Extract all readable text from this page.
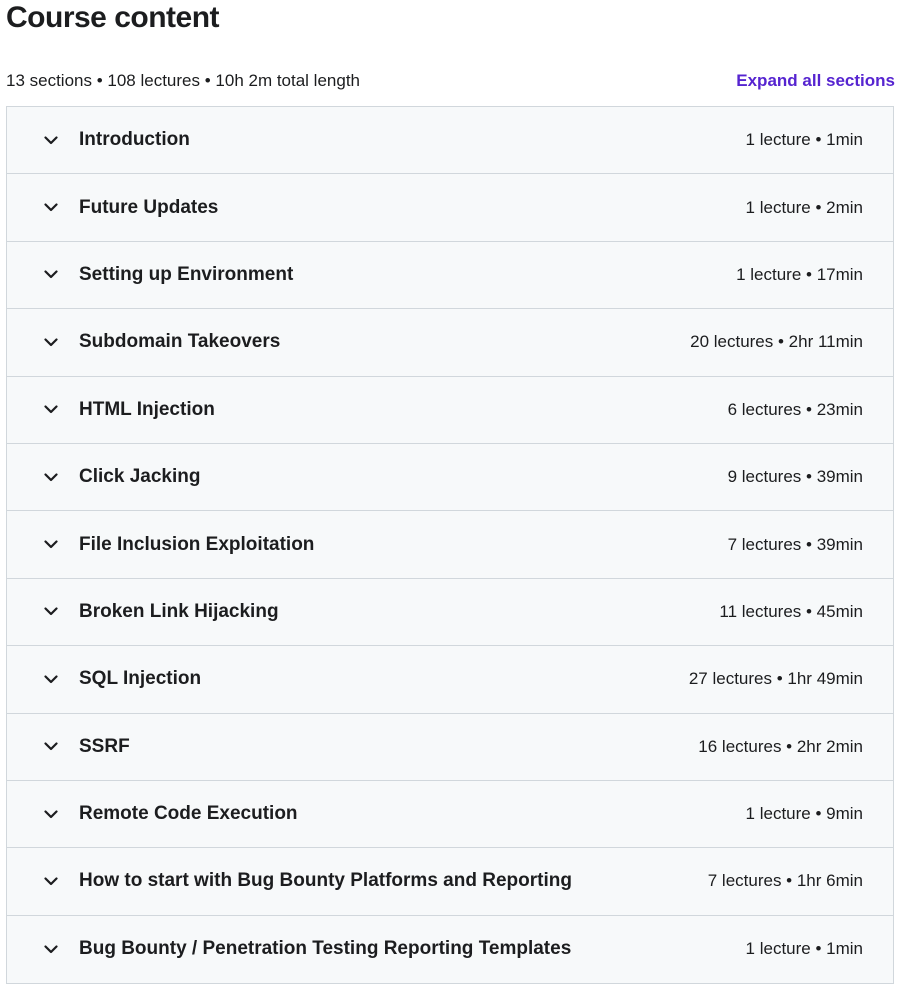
Course content
13 sections • 108 lectures • 10h 2m total length	Expand all sections
Introduction	1 lecture • 1min
Future Updates	1 lecture • 2min
Setting up Environment	1 lecture • 17min
Subdomain Takeovers	20 lectures • 2hr 11min
HTML Injection	6 lectures • 23min
Click Jacking	9 lectures • 39min
File Inclusion Exploitation	7 lectures • 39min
Broken Link Hijacking	11 lectures • 45min
SQL Injection	27 lectures • 1hr 49min
SSRF	16 lectures • 2hr 2min
Remote Code Execution	1 lecture • 9min
How to start with Bug Bounty Platforms and Reporting	7 lectures • 1hr 6min
Bug Bounty / Penetration Testing Reporting Templates	1 lecture • 1min
